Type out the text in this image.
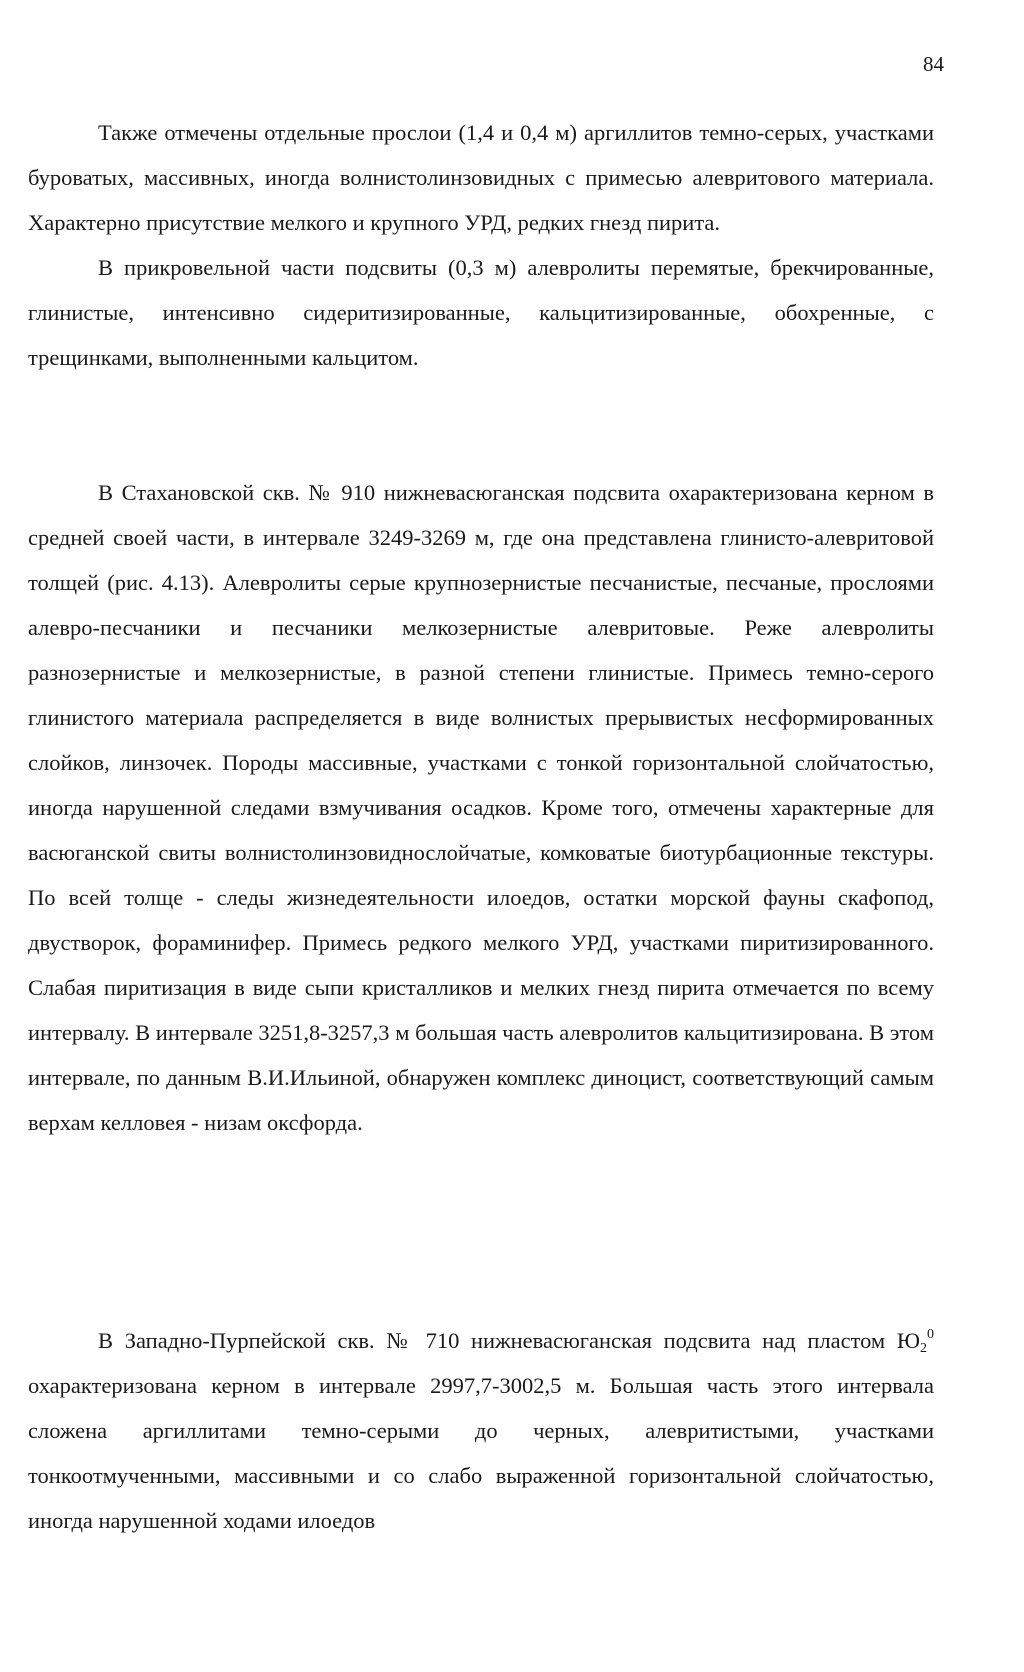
84

Также отмечены отдельные прослои (1,4 и 0,4 м) аргиллитов темно-серых, участками буроватых, массивных, иногда волнистолинзовидных с примесью алевритового материала. Характерно присутствие мелкого и крупного УРД, редких гнезд пирита.

В прикровельной части подсвиты (0,3 м) алевролиты перемятые, брекчированные, глинистые, интенсивно сидеритизированные, кальцитизированные, обохренные, с трещинками, выполненными кальцитом.

В Стахановской скв. № 910 нижневасюганская подсвита охарактеризована керном в средней своей части, в интервале 3249-3269 м, где она представлена глинисто-алевритовой толщей (рис. 4.13). Алевролиты серые крупнозернистые песчанистые, песчаные, прослоями алевро-песчаники и песчаники мелкозернистые алевритовые. Реже алевролиты разнозернистые и мелкозернистые, в разной степени глинистые. Примесь темно-серого глинистого материала распределяется в виде волнистых прерывистых несформированных слойков, линзочек. Породы массивные, участками с тонкой горизонтальной слойчатостью, иногда нарушенной следами взмучивания осадков. Кроме того, отмечены характерные для васюганской свиты волнистолинзовиднослойчатые, комковатые биотурбационные текстуры. По всей толще - следы жизнедеятельности илоедов, остатки морской фауны скафопод, двустворок, фораминифер. Примесь редкого мелкого УРД, участками пиритизированного. Слабая пиритизация в виде сыпи кристалликов и мелких гнезд пирита отмечается по всему интервалу. В интервале 3251,8-3257,3 м большая часть алевролитов кальцитизирована. В этом интервале, по данным В.И.Ильиной, обнаружен комплекс диноцист, соответствующий самым верхам келловея - низам оксфорда.

В Западно-Пурпейской скв. № 710 нижневасюганская подсвита над пластом $Ю_2^0$ охарактеризована керном в интервале 2997,7-3002,5 м. Большая часть этого интервала сложена аргиллитами темно-серыми до черных, алевритистыми, участками тонкоотмученными, массивными и со слабо выраженной горизонтальной слойчатостью, иногда нарушенной ходами илоедов
